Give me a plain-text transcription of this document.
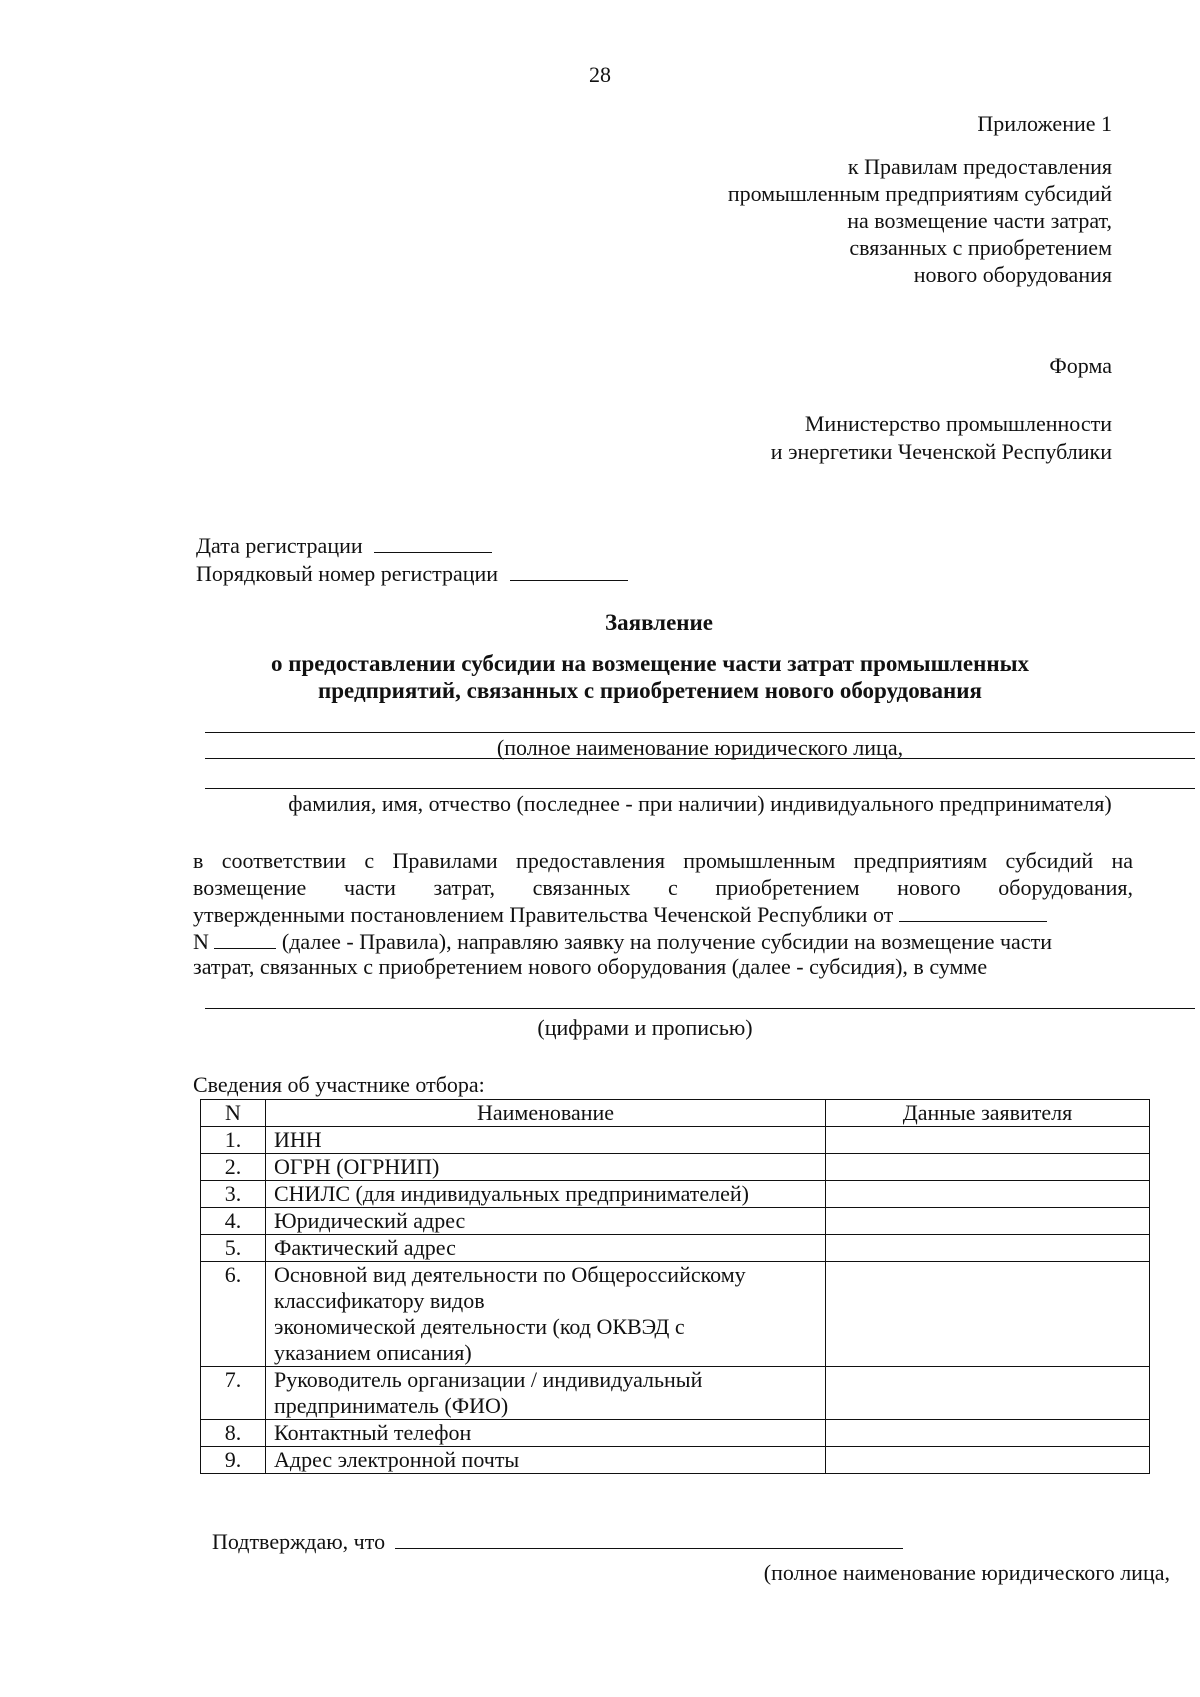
28
Приложение 1
к Правилам предоставления
промышленным предприятиям субсидий
на возмещение части затрат,
связанных с приобретением
нового оборудования
Форма
Министерство промышленности
и энергетики Чеченской Республики
Дата регистрации
Порядковый номер регистрации
Заявление
о предоставлении субсидии на возмещение части затрат промышленных
предприятий, связанных с приобретением нового оборудования
(полное наименование юридического лица,
фамилия, имя, отчество (последнее - при наличии) индивидуального предпринимателя)
в соответствии с Правилами предоставления промышленным предприятиям субсидий на
возмещение части затрат, связанных с приобретением нового оборудования,
утвержденными постановлением Правительства Чеченской Республики от
N	(далее - Правила), направляю заявку на получение субсидии на возмещение части
затрат, связанных с приобретением нового оборудования (далее - субсидия), в сумме
(цифрами и прописью)
Сведения об участнике отбора:
N	Наименование	Данные заявителя
1.	ИНН	
2.	ОГРН (ОГРНИП)	
3.	СНИЛС (для индивидуальных предпринимателей)	
4.	Юридический адрес	
5.	Фактический адрес	
6.	Основной вид деятельности по Общероссийскому
классификатору видов
экономической деятельности (код ОКВЭД с
указанием описания)	

7.	Руководитель организации / индивидуальный
предприниматель (ФИО)	

8.	Контактный телефон	
9.	Адрес электронной почты	
Подтверждаю, что
(полное наименование юридического лица,
